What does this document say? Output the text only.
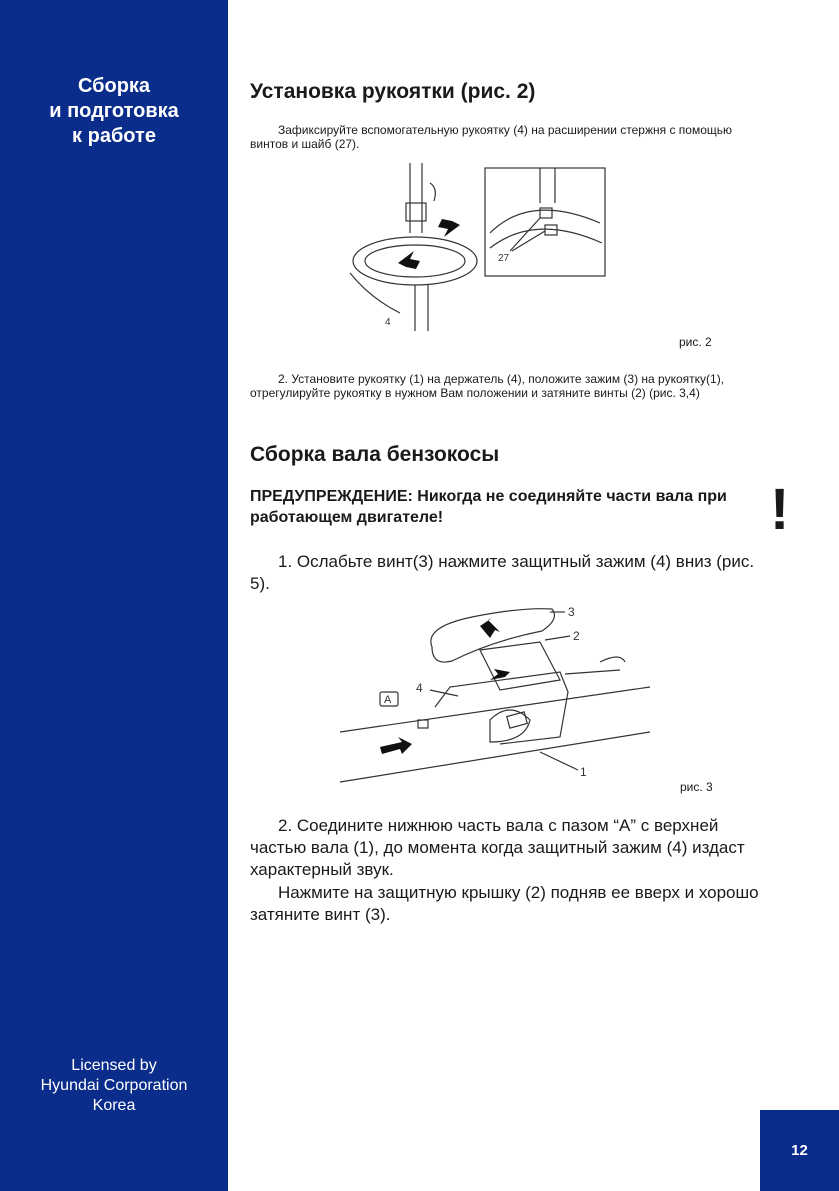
Сборка
и подготовка
к работе
Licensed by
Hyundai Corporation
Korea
12
Установка рукоятки (рис. 2)

Зафиксируйте вспомогательную рукоятку (4) на расширении стержня с помощью винтов и шайб (27).

4
27
рис. 2

2. Установите рукоятку (1) на держатель (4), положите зажим (3) на рукоятку(1), отрегулируйте рукоятку в нужном Вам положении и затяните винты (2) (рис. 3,4)

Сборка вала бензокосы

ПРЕДУПРЕЖДЕНИЕ: Никогда не соединяйте части вала при работающем двигателе!	!

1. Ослабьте винт(3) нажмите защитный зажим (4) вниз (рис. 5).

3
2
4
1
A
рис. 3

2. Соедините нижнюю часть вала с пазом “A” с верхней частью вала (1), до момента когда защитный зажим (4) издаст характерный звук.

Нажмите на защитную крышку (2) подняв ее вверх и хорошо затяните винт (3).
